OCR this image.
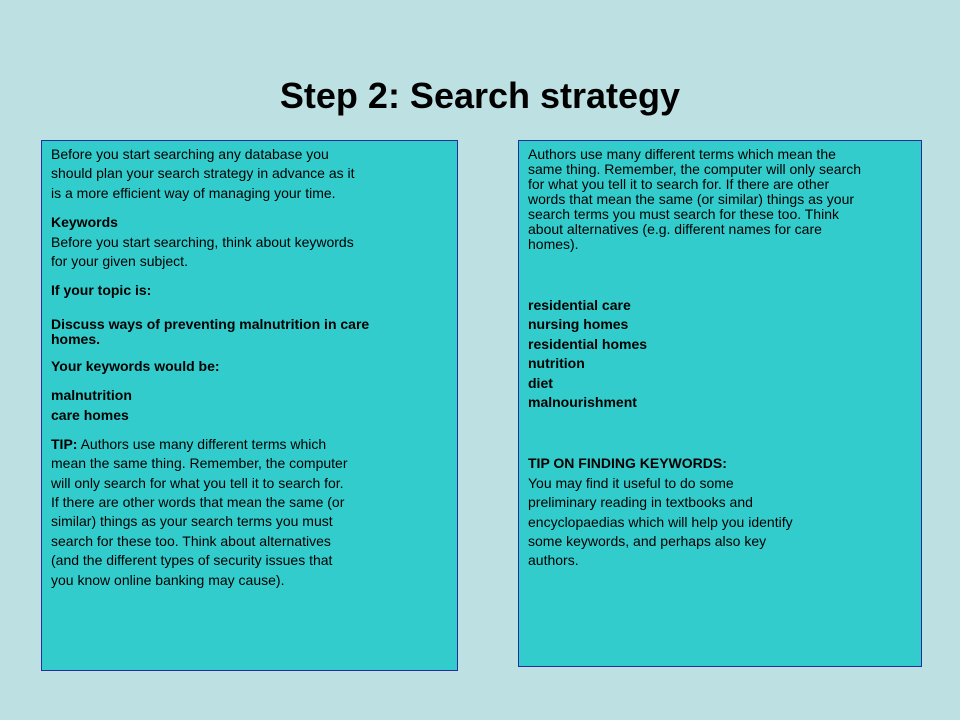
Step 2: Search strategy
Before you start searching any database you
should plan your search strategy in advance as it
is a more efficient way of managing your time.
Keywords
Before you start searching, think about keywords
for your given subject.
If your topic is:
Discuss ways of preventing malnutrition in care
homes.
Your keywords would be:
malnutrition
care homes
TIP: Authors use many different terms which
mean the same thing. Remember, the computer
will only search for what you tell it to search for.
If there are other words that mean the same (or
similar) things as your search terms you must
search for these too. Think about alternatives
(and the different types of security issues that
you know online banking may cause).
Authors use many different terms which mean the
same thing. Remember, the computer will only search
for what you tell it to search for. If there are other
words that mean the same (or similar) things as your
search terms you must search for these too. Think
about alternatives (e.g. different names for care
homes).
residential care
nursing homes
residential homes
nutrition
diet
malnourishment
TIP ON FINDING KEYWORDS:
You may find it useful to do some
preliminary reading in textbooks and
encyclopaedias which will help you identify
some keywords, and perhaps also key
authors.
